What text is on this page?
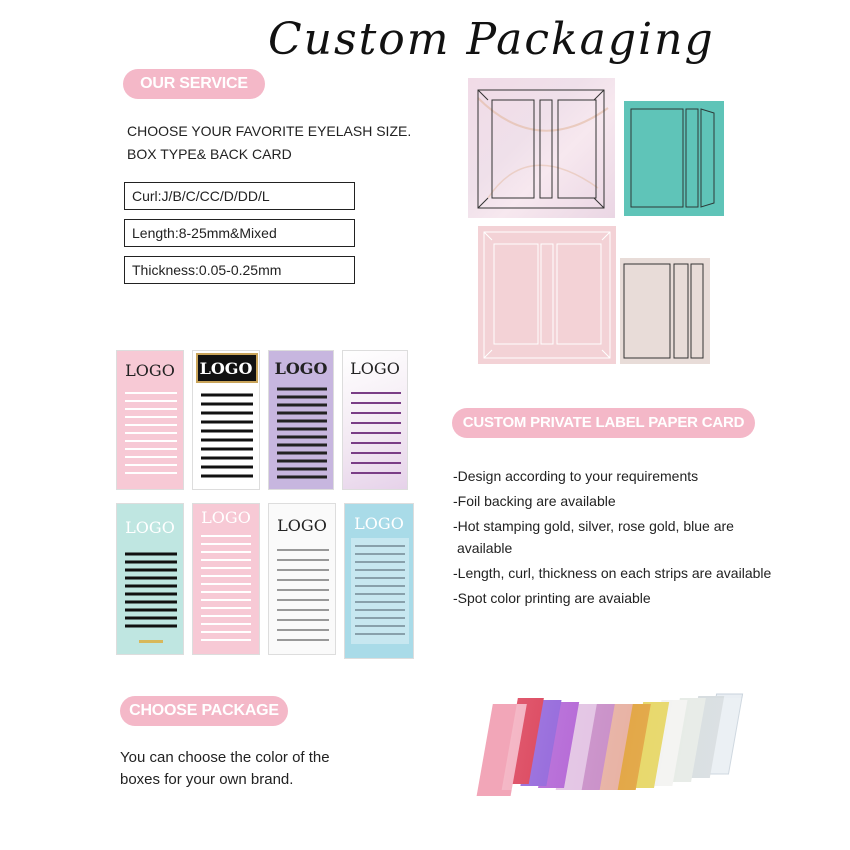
Custom Packaging
OUR SERVICE
CHOOSE YOUR FAVORITE EYELASH SIZE.
BOX TYPE& BACK CARD
Curl:J/B/C/CC/D/DD/L
Length:8-25mm&Mixed
Thickness:0.05-0.25mm
LOGO	LOGO	LOGO	LOGO
LOGO
LOGO	LOGO	LOGO
CUSTOM PRIVATE LABEL PAPER CARD
-Design according to your requirements
-Foil backing are available
-Hot stamping gold, silver, rose gold, blue are available
-Length, curl, thickness on each strips are available
-Spot color printing are avaiable
CHOOSE PACKAGE
You can choose the color of the boxes for your own brand.
